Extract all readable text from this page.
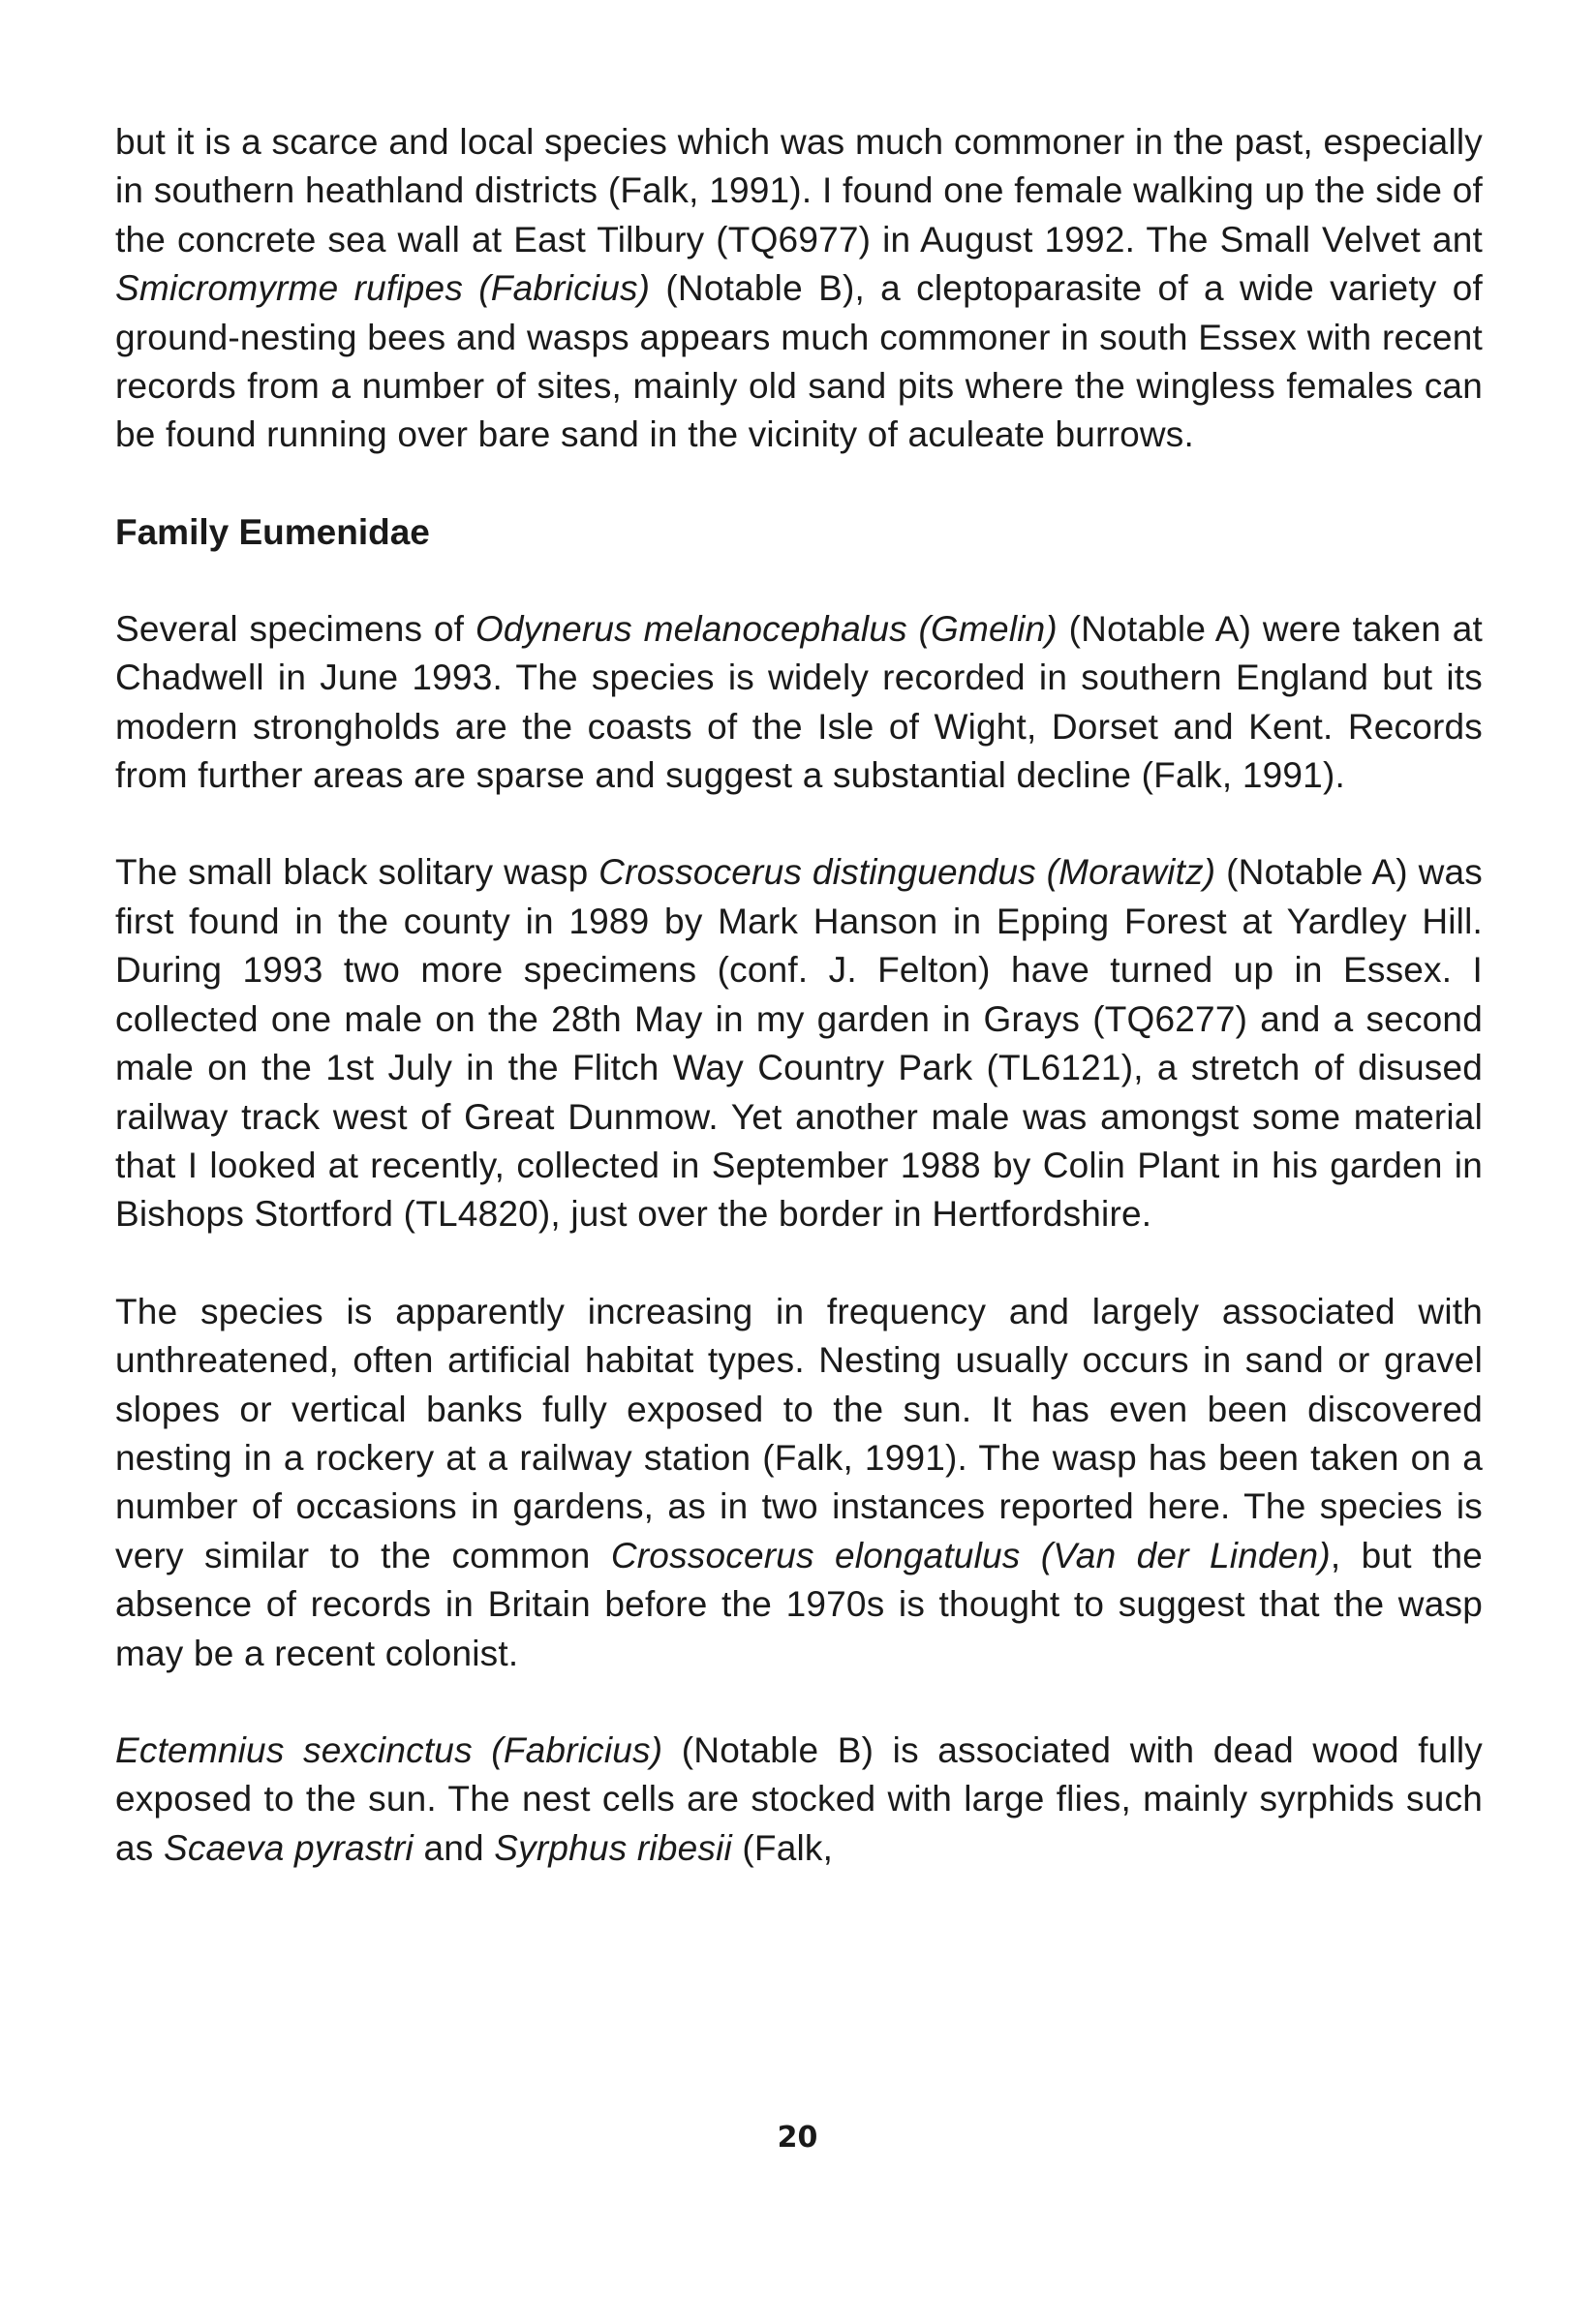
but it is a scarce and local species which was much commoner in the past, especially in southern heathland districts (Falk, 1991). I found one female walking up the side of the concrete sea wall at East Tilbury (TQ6977) in August 1992. The Small Velvet ant Smicromyrme rufipes (Fabricius) (Notable B), a cleptoparasite of a wide variety of ground-nesting bees and wasps appears much commoner in south Essex with recent records from a number of sites, mainly old sand pits where the wingless females can be found running over bare sand in the vicinity of aculeate burrows.

Family Eumenidae

Several specimens of Odynerus melanocephalus (Gmelin) (Notable A) were taken at Chadwell in June 1993. The species is widely recorded in southern England but its modern strongholds are the coasts of the Isle of Wight, Dorset and Kent. Records from further areas are sparse and suggest a substantial decline (Falk, 1991).

The small black solitary wasp Crossocerus distinguendus (Morawitz) (Notable A) was first found in the county in 1989 by Mark Hanson in Epping Forest at Yardley Hill. During 1993 two more specimens (conf. J. Felton) have turned up in Essex. I collected one male on the 28th May in my garden in Grays (TQ6277) and a second male on the 1st July in the Flitch Way Country Park (TL6121), a stretch of disused railway track west of Great Dunmow. Yet another male was amongst some material that I looked at recently, collected in September 1988 by Colin Plant in his garden in Bishops Stortford (TL4820), just over the border in Hertfordshire.

The species is apparently increasing in frequency and largely associated with unthreatened, often artificial habitat types. Nesting usually occurs in sand or gravel slopes or vertical banks fully exposed to the sun. It has even been discovered nesting in a rockery at a railway station (Falk, 1991). The wasp has been taken on a number of occasions in gardens, as in two instances reported here. The species is very similar to the common Crossocerus elongatulus (Van der Linden), but the absence of records in Britain before the 1970s is thought to suggest that the wasp may be a recent colonist.

Ectemnius sexcinctus (Fabricius) (Notable B) is associated with dead wood fully exposed to the sun. The nest cells are stocked with large flies, mainly syrphids such as Scaeva pyrastri and Syrphus ribesii (Falk,

20
